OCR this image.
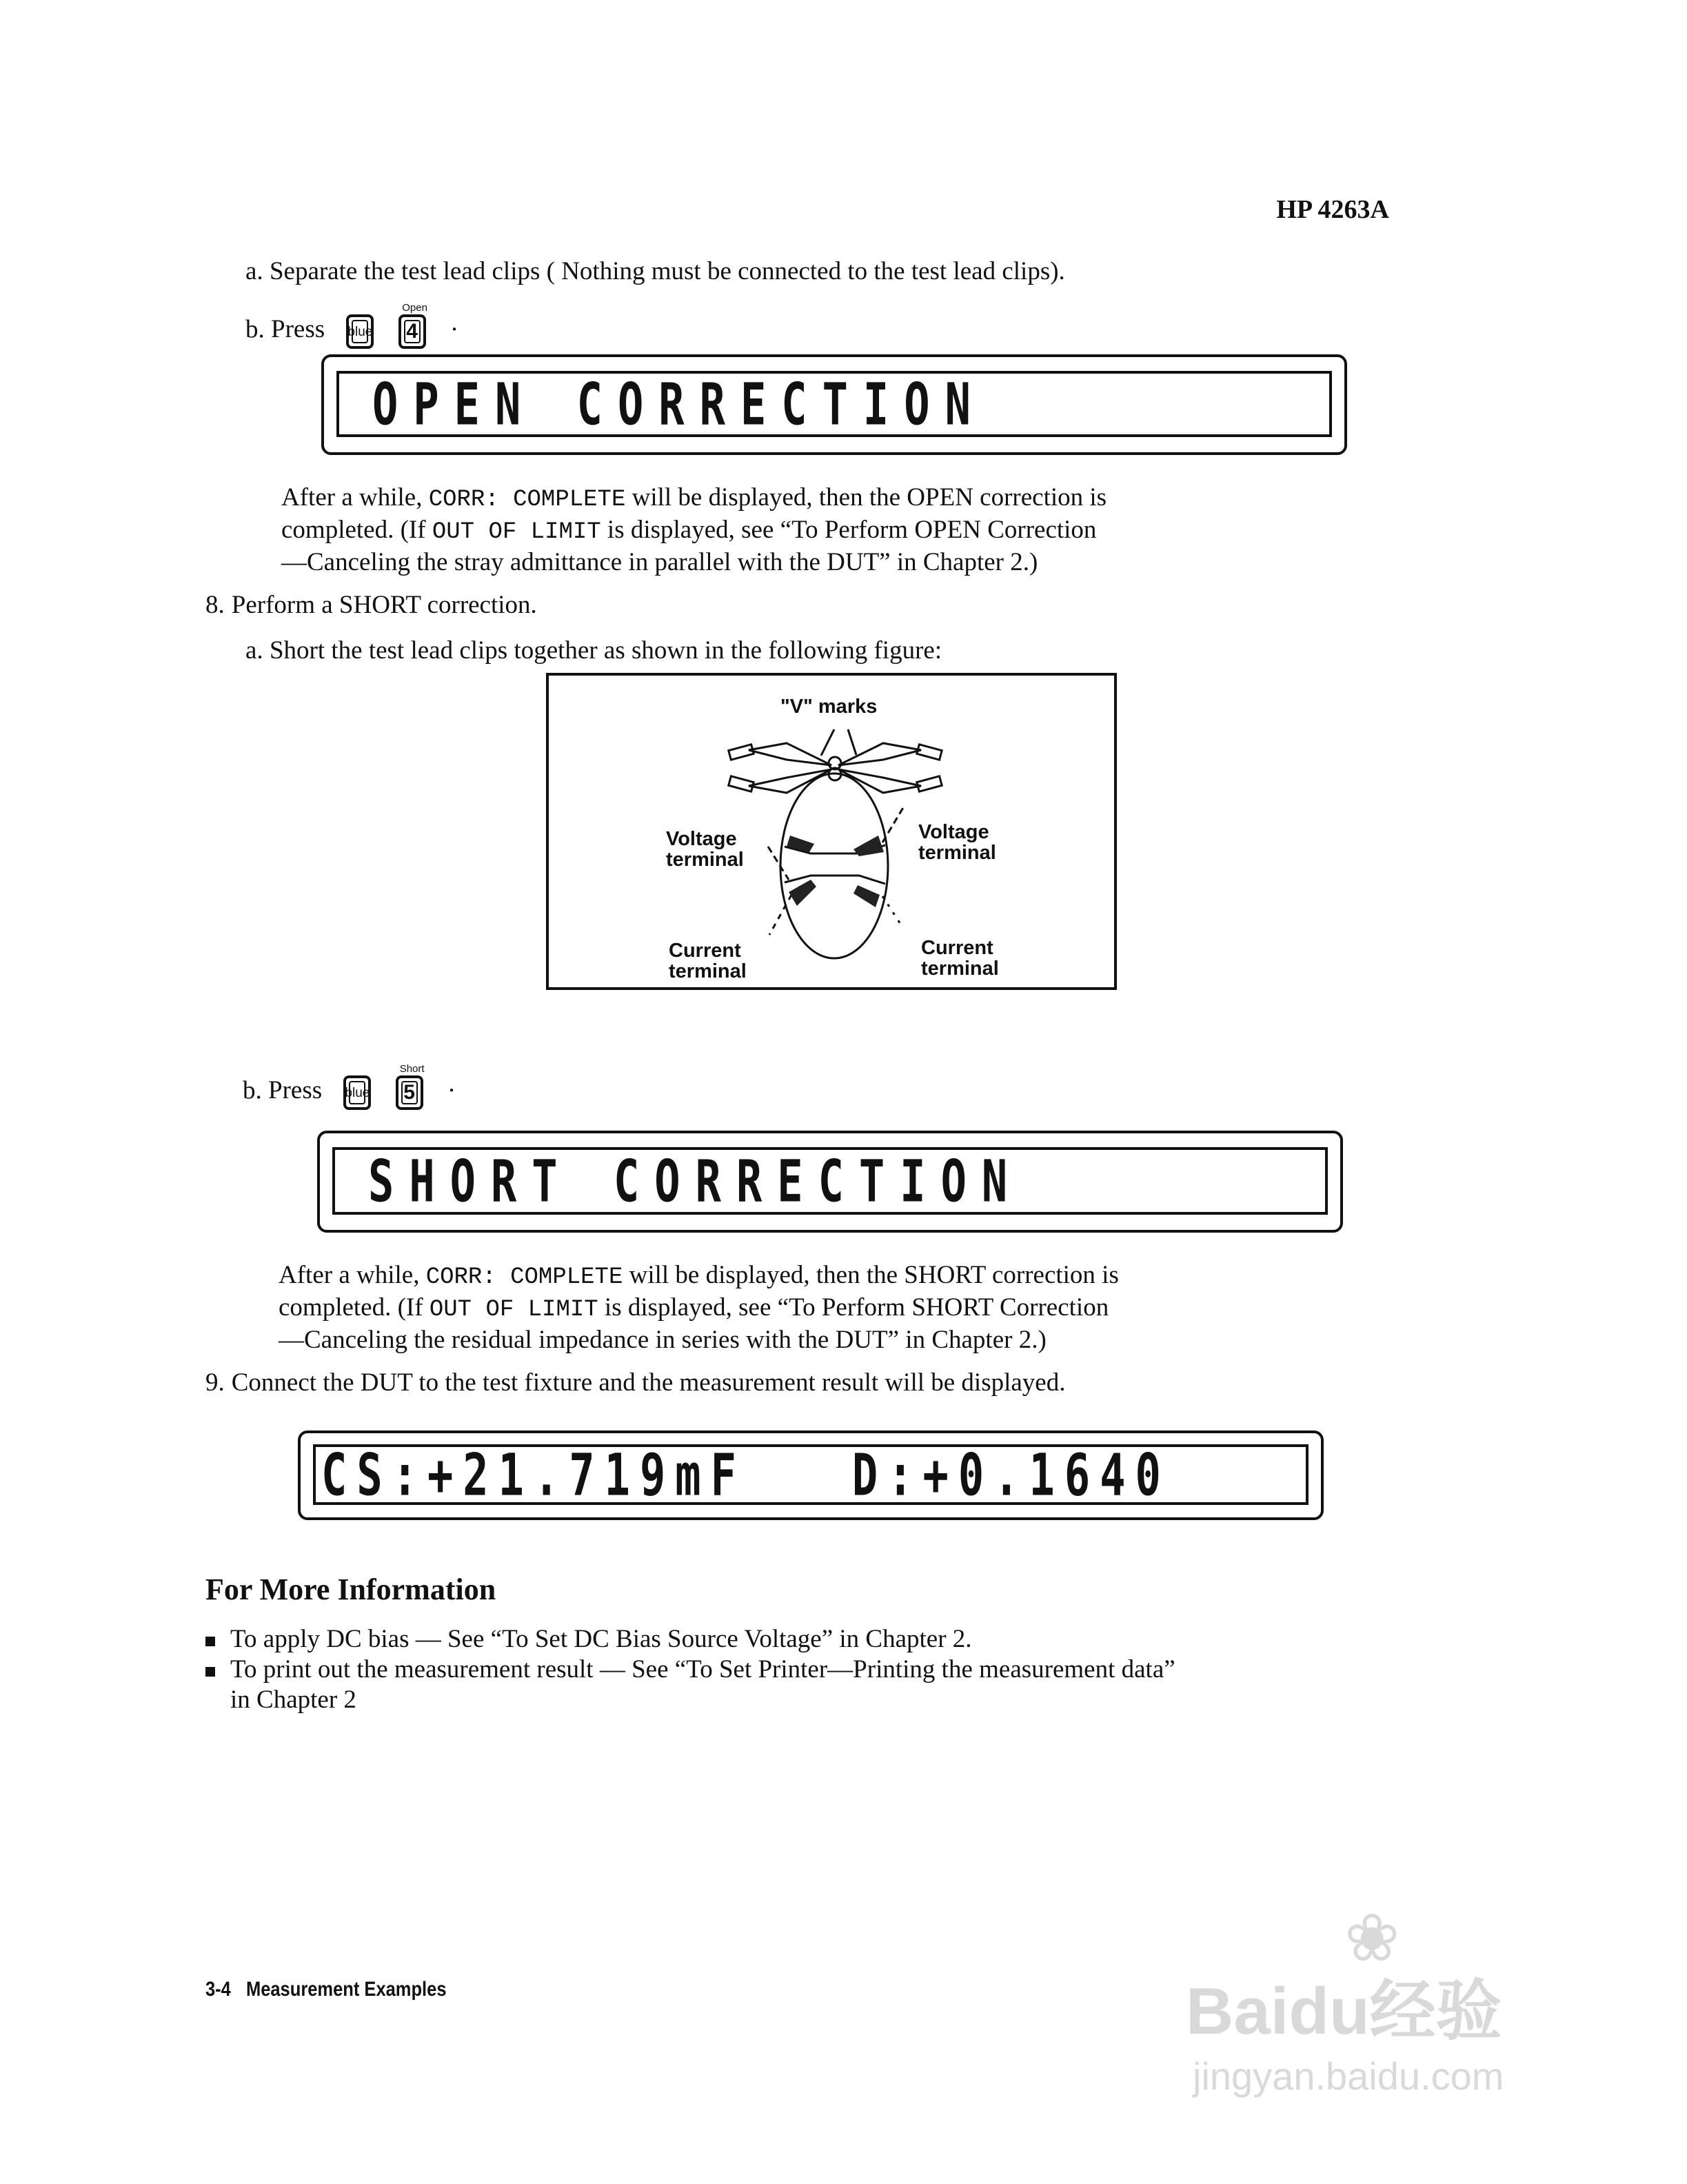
HP 4263A
a. Separate the test lead clips ( Nothing must be connected to the test lead clips).
b. Press blue

Open
4 ·
OPEN CORRECTION
After a while, CORR: COMPLETE will be displayed, then the OPEN correction is
completed. (If OUT OF LIMIT is displayed, see “To Perform OPEN Correction
—Canceling the stray admittance in parallel with the DUT” in Chapter 2.)
8. Perform a SHORT correction.
a. Short the test lead clips together as shown in the following figure:
"V" marks
Voltage
terminal
Voltage
terminal
Current
terminal
Current
terminal
b. Press blue

Short
5 ·
SHORT CORRECTION
After a while, CORR: COMPLETE will be displayed, then the SHORT correction is
completed. (If OUT OF LIMIT is displayed, see “To Perform SHORT Correction
—Canceling the residual impedance in series with the DUT” in Chapter 2.)
9. Connect the DUT to the test fixture and the measurement result will be displayed.
CS:+21.719mF   D:+0.1640
For More Information
To apply DC bias — See “To Set DC Bias Source Voltage” in Chapter 2.
To print out the measurement result — See “To Set Printer—Printing the measurement data”
in Chapter 2
3-4 Measurement Examples
❀
Baidu经验
jingyan.baidu.com
